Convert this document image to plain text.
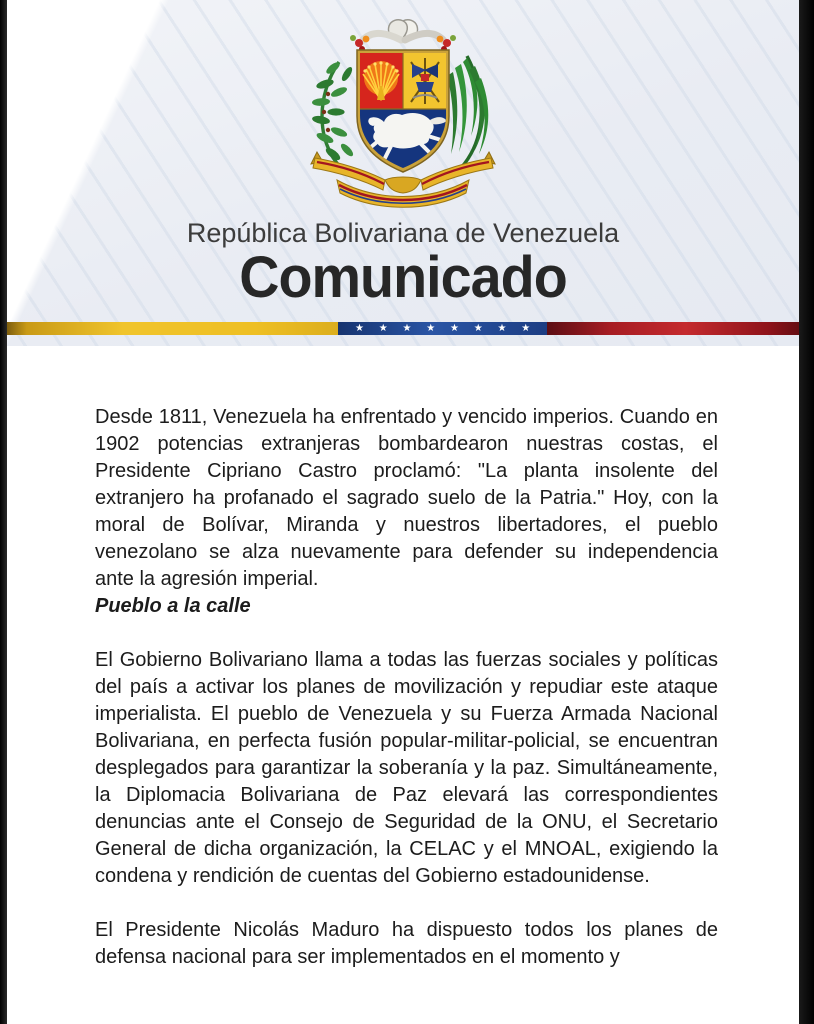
República Bolivariana de Venezuela
Comunicado
★ ★ ★ ★ ★ ★ ★ ★

Desde 1811, Venezuela ha enfrentado y vencido imperios. Cuando en 1902 potencias extranjeras bombardearon nuestras costas, el Presidente Cipriano Castro proclamó: "La planta insolente del extranjero ha profanado el sagrado suelo de la Patria." Hoy, con la moral de Bolívar, Miranda y nuestros libertadores, el pueblo venezolano se alza nuevamente para defender su independencia ante la agresión imperial.

Pueblo a la calle

El Gobierno Bolivariano llama a todas las fuerzas sociales y políticas del país a activar los planes de movilización y repudiar este ataque imperialista. El pueblo de Venezuela y su Fuerza Armada Nacional Bolivariana, en perfecta fusión popular-militar-policial, se encuentran desplegados para garantizar la soberanía y la paz. Simultáneamente, la Diplomacia Bolivariana de Paz elevará las correspondientes denuncias ante el Consejo de Seguridad de la ONU, el Secretario General de dicha organización, la CELAC y el MNOAL, exigiendo la condena y rendición de cuentas del Gobierno estadounidense.

El Presidente Nicolás Maduro ha dispuesto todos los planes de defensa nacional para ser implementados en el momento y
